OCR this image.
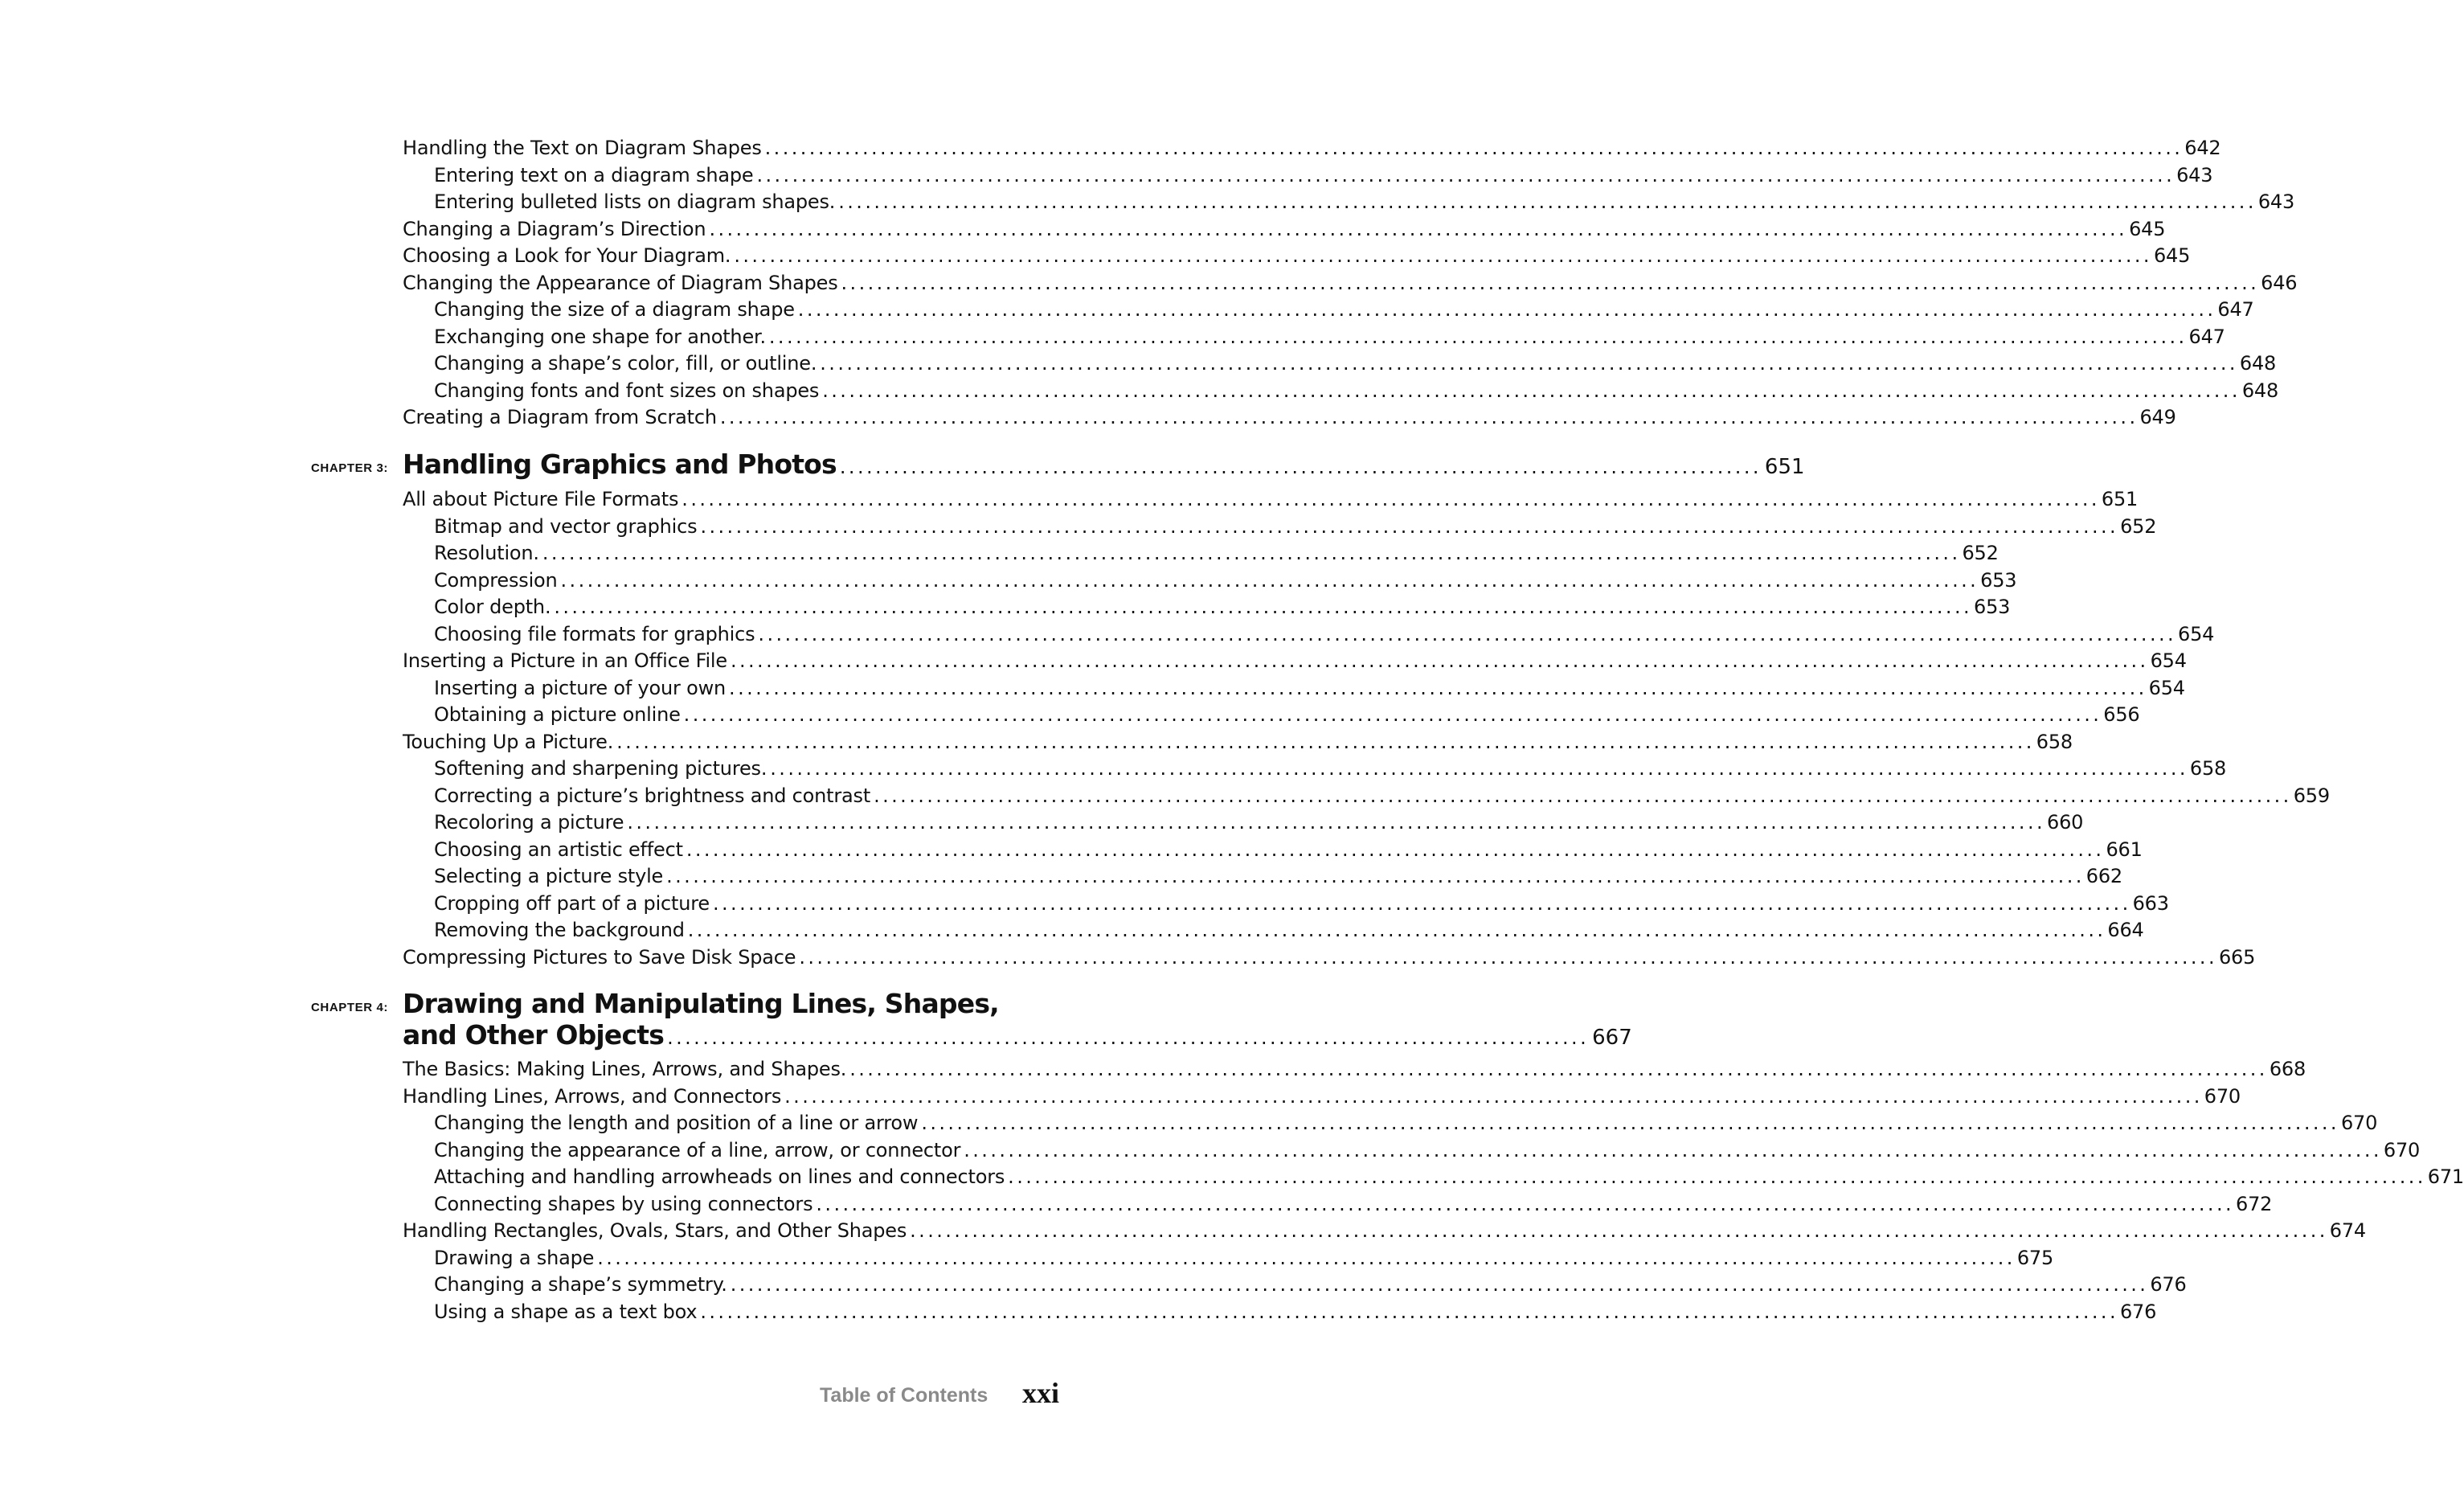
CHAPTER 3: Handling Graphics and Photos ........................................................................................................ 651
CHAPTER 4: Drawing and Manipulating Lines, Shapes,
and Other Objects ........................................................................................................ 667
Handling the Text on Diagram Shapes ................................................................................................................................................................ 642
Entering text on a diagram shape ................................................................................................................................................................ 643
Entering bulleted lists on diagram shapes. ................................................................................................................................................................ 643
Changing a Diagram’s Direction ................................................................................................................................................................ 645
Choosing a Look for Your Diagram. ................................................................................................................................................................ 645
Changing the Appearance of Diagram Shapes ................................................................................................................................................................ 646
Changing the size of a diagram shape ................................................................................................................................................................ 647
Exchanging one shape for another. ................................................................................................................................................................ 647
Changing a shape’s color, fill, or outline. ................................................................................................................................................................ 648
Changing fonts and font sizes on shapes ................................................................................................................................................................ 648
Creating a Diagram from Scratch ................................................................................................................................................................ 649
All about Picture File Formats ................................................................................................................................................................ 651
Bitmap and vector graphics ................................................................................................................................................................ 652
Resolution. ................................................................................................................................................................ 652
Compression ................................................................................................................................................................ 653
Color depth. ................................................................................................................................................................ 653
Choosing file formats for graphics ................................................................................................................................................................ 654
Inserting a Picture in an Office File ................................................................................................................................................................ 654
Inserting a picture of your own ................................................................................................................................................................ 654
Obtaining a picture online ................................................................................................................................................................ 656
Touching Up a Picture. ................................................................................................................................................................ 658
Softening and sharpening pictures. ................................................................................................................................................................ 658
Correcting a picture’s brightness and contrast ................................................................................................................................................................ 659
Recoloring a picture ................................................................................................................................................................ 660
Choosing an artistic effect ................................................................................................................................................................ 661
Selecting a picture style ................................................................................................................................................................ 662
Cropping off part of a picture ................................................................................................................................................................ 663
Removing the background ................................................................................................................................................................ 664
Compressing Pictures to Save Disk Space ................................................................................................................................................................ 665
The Basics: Making Lines, Arrows, and Shapes. ................................................................................................................................................................ 668
Handling Lines, Arrows, and Connectors ................................................................................................................................................................ 670
Changing the length and position of a line or arrow ................................................................................................................................................................ 670
Changing the appearance of a line, arrow, or connector ................................................................................................................................................................ 670
Attaching and handling arrowheads on lines and connectors ................................................................................................................................................................ 671
Connecting shapes by using connectors ................................................................................................................................................................ 672
Handling Rectangles, Ovals, Stars, and Other Shapes ................................................................................................................................................................ 674
Drawing a shape ................................................................................................................................................................ 675
Changing a shape’s symmetry. ................................................................................................................................................................ 676
Using a shape as a text box ................................................................................................................................................................ 676
Table of Contents xxi
